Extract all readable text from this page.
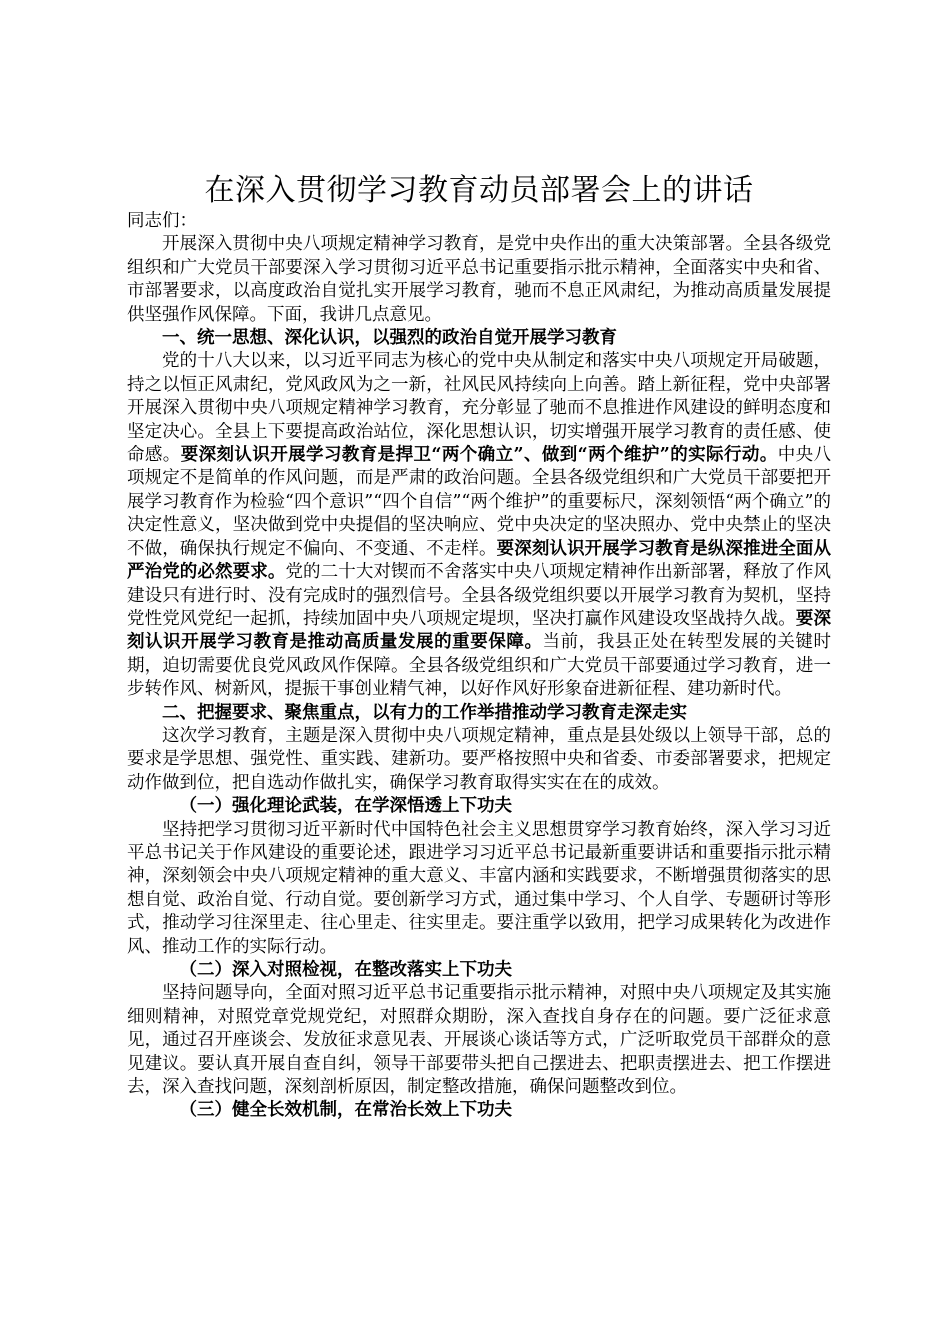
在深入贯彻学习教育动员部署会上的讲话

同志们：

开展深入贯彻中央八项规定精神学习教育，是党中央作出的重大决策部署。全县各级党组织和广大党员干部要深入学习贯彻习近平总书记重要指示批示精神，全面落实中央和省、市部署要求，以高度政治自觉扎实开展学习教育，驰而不息正风肃纪，为推动高质量发展提供坚强作风保障。下面，我讲几点意见。

一、统一思想、深化认识，以强烈的政治自觉开展学习教育

党的十八大以来，以习近平同志为核心的党中央从制定和落实中央八项规定开局破题，持之以恒正风肃纪，党风政风为之一新，社风民风持续向上向善。踏上新征程，党中央部署开展深入贯彻中央八项规定精神学习教育，充分彰显了驰而不息推进作风建设的鲜明态度和坚定决心。全县上下要提高政治站位，深化思想认识，切实增强开展学习教育的责任感、使命感。要深刻认识开展学习教育是捍卫“两个确立”、做到“两个维护”的实际行动。中央八项规定不是简单的作风问题，而是严肃的政治问题。全县各级党组织和广大党员干部要把开展学习教育作为检验“四个意识”“四个自信”“两个维护”的重要标尺，深刻领悟“两个确立”的决定性意义，坚决做到党中央提倡的坚决响应、党中央决定的坚决照办、党中央禁止的坚决不做，确保执行规定不偏向、不变通、不走样。要深刻认识开展学习教育是纵深推进全面从严治党的必然要求。党的二十大对锲而不舍落实中央八项规定精神作出新部署，释放了作风建设只有进行时、没有完成时的强烈信号。全县各级党组织要以开展学习教育为契机，坚持党性党风党纪一起抓，持续加固中央八项规定堤坝，坚决打赢作风建设攻坚战持久战。要深刻认识开展学习教育是推动高质量发展的重要保障。当前，我县正处在转型发展的关键时期，迫切需要优良党风政风作保障。全县各级党组织和广大党员干部要通过学习教育，进一步转作风、树新风，提振干事创业精气神，以好作风好形象奋进新征程、建功新时代。

二、把握要求、聚焦重点，以有力的工作举措推动学习教育走深走实

这次学习教育，主题是深入贯彻中央八项规定精神，重点是县处级以上领导干部，总的要求是学思想、强党性、重实践、建新功。要严格按照中央和省委、市委部署要求，把规定动作做到位，把自选动作做扎实，确保学习教育取得实实在在的成效。

（一）强化理论武装，在学深悟透上下功夫

坚持把学习贯彻习近平新时代中国特色社会主义思想贯穿学习教育始终，深入学习习近平总书记关于作风建设的重要论述，跟进学习习近平总书记最新重要讲话和重要指示批示精神，深刻领会中央八项规定精神的重大意义、丰富内涵和实践要求，不断增强贯彻落实的思想自觉、政治自觉、行动自觉。要创新学习方式，通过集中学习、个人自学、专题研讨等形式，推动学习往深里走、往心里走、往实里走。要注重学以致用，把学习成果转化为改进作风、推动工作的实际行动。

（二）深入对照检视，在整改落实上下功夫

坚持问题导向，全面对照习近平总书记重要指示批示精神，对照中央八项规定及其实施细则精神，对照党章党规党纪，对照群众期盼，深入查找自身存在的问题。要广泛征求意见，通过召开座谈会、发放征求意见表、开展谈心谈话等方式，广泛听取党员干部群众的意见建议。要认真开展自查自纠，领导干部要带头把自己摆进去、把职责摆进去、把工作摆进去，深入查找问题，深刻剖析原因，制定整改措施，确保问题整改到位。

（三）健全长效机制，在常治长效上下功夫
